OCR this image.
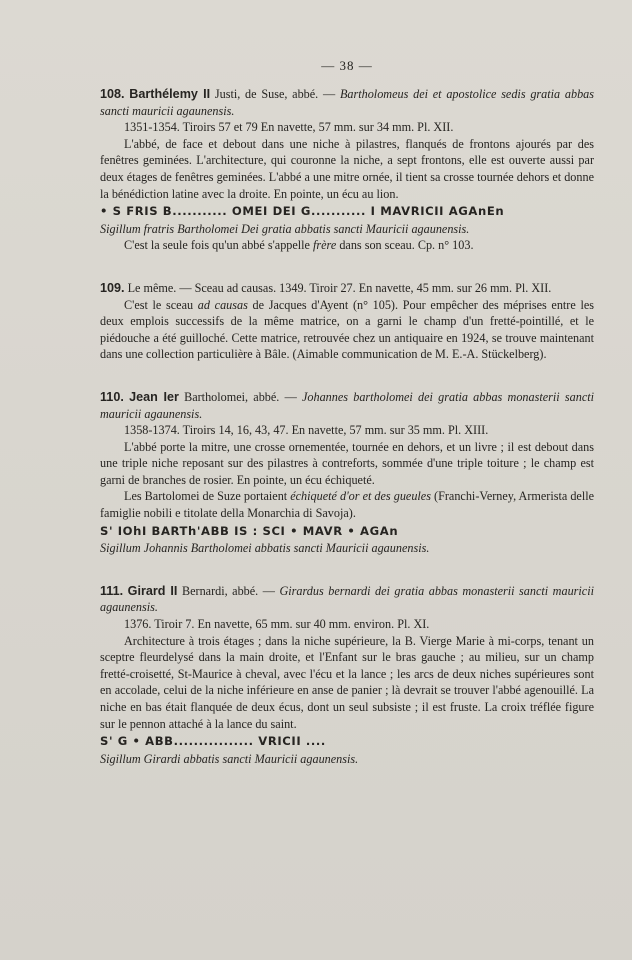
— 38 —

108. Barthélemy II Justi, de Suse, abbé. — Bartholomeus dei et apostolice sedis gratia abbas sancti mauricii agaunensis.

1351-1354. Tiroirs 57 et 79 En navette, 57 mm. sur 34 mm. Pl. XII.

L'abbé, de face et debout dans une niche à pilastres, flanqués de frontons ajourés par des fenêtres geminées. L'architecture, qui couronne la niche, a sept frontons, elle est ouverte aussi par deux étages de fenêtres geminées. L'abbé a une mitre ornée, il tient sa crosse tournée dehors et donne la bénédiction latine avec la droite. En pointe, un écu au lion.

• S FRIS B........... OMEI DEI G........... I MAVRICII AGAnEn

Sigillum fratris Bartholomei Dei gratia abbatis sancti Mauricii agaunensis.

C'est la seule fois qu'un abbé s'appelle frère dans son sceau. Cp. n° 103.

109. Le même. — Sceau ad causas. 1349. Tiroir 27. En navette, 45 mm. sur 26 mm. Pl. XII.

C'est le sceau ad causas de Jacques d'Ayent (n° 105). Pour empêcher des méprises entre les deux emplois successifs de la même matrice, on a garni le champ d'un fretté-pointillé, et le piédouche a été guilloché. Cette matrice, retrouvée chez un antiquaire en 1924, se trouve maintenant dans une collection particulière à Bâle. (Aimable communication de M. E.-A. Stückelberg).

110. Jean Ier Bartholomei, abbé. — Johannes bartholomei dei gratia abbas monasterii sancti mauricii agaunensis.

1358-1374. Tiroirs 14, 16, 43, 47. En navette, 57 mm. sur 35 mm. Pl. XIII.

L'abbé porte la mitre, une crosse ornementée, tournée en dehors, et un livre ; il est debout dans une triple niche reposant sur des pilastres à contreforts, sommée d'une triple toiture ; le champ est garni de branches de rosier. En pointe, un écu échiqueté.

Les Bartolomei de Suze portaient échiqueté d'or et des gueules (Franchi-Verney, Armerista delle famiglie nobili e titolate della Monarchia di Savoja).

S' IOhI BARTh'ABB IS : SCI • MAVR • AGAn

Sigillum Johannis Bartholomei abbatis sancti Mauricii agaunensis.

111. Girard II Bernardi, abbé. — Girardus bernardi dei gratia abbas monasterii sancti mauricii agaunensis.

1376. Tiroir 7. En navette, 65 mm. sur 40 mm. environ. Pl. XI.

Architecture à trois étages ; dans la niche supérieure, la B. Vierge Marie à mi-corps, tenant un sceptre fleurdelysé dans la main droite, et l'Enfant sur le bras gauche ; au milieu, sur un champ fretté-croisetté, St-Maurice à cheval, avec l'écu et la lance ; les arcs de deux niches supérieures sont en accolade, celui de la niche inférieure en anse de panier ; là devrait se trouver l'abbé agenouillé. La niche en bas était flanquée de deux écus, dont un seul subsiste ; il est fruste. La croix tréflée figure sur le pennon attaché à la lance du saint.

S' G • ABB................ VRICII ....

Sigillum Girardi abbatis sancti Mauricii agaunensis.
